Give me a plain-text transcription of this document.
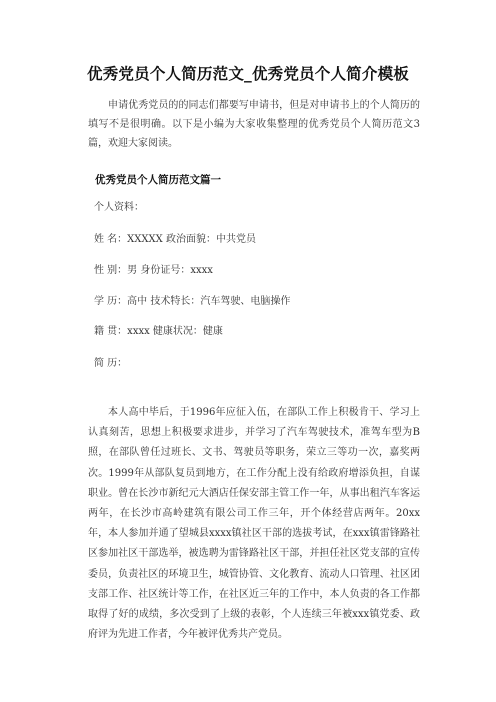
优秀党员个人简历范文_优秀党员个人简介模板

申请优秀党员的的同志们都要写申请书，但是对申请书上的个人简历的填写不是很明确。以下是小编为大家收集整理的优秀党员个人简历范文3篇，欢迎大家阅读。

优秀党员个人简历范文篇一
个人资料：
姓 名：XXXXX 政治面貌：中共党员
性 别：男 身份证号：xxxx
学 历：高中 技术特长：汽车驾驶、电脑操作
籍 贯：xxxx 健康状况：健康
简 历：

本人高中毕后，于1996年应征入伍，在部队工作上积极肯干、学习上认真刻苦，思想上积极要求进步，并学习了汽车驾驶技术，准驾车型为B照，在部队曾任过班长、文书、驾驶员等职务，荣立三等功一次，嘉奖两次。1999年从部队复员到地方，在工作分配上没有给政府增添负担，自谋职业。曾在长沙市新纪元大酒店任保安部主管工作一年，从事出租汽车客运两年，在长沙市高岭建筑有限公司工作三年，开个体经营店两年。20xx年，本人参加并通了望城县xxxx镇社区干部的选拔考试，在xxx镇雷锋路社区参加社区干部选举，被选聘为雷锋路社区干部，并担任社区党支部的宣传委员，负责社区的环境卫生，城管协管、文化教育、流动人口管理、社区团支部工作、社区统计等工作，在社区近三年的工作中，本人负责的各工作都取得了好的成绩，多次受到了上级的表彰，个人连续三年被xxx镇党委、政府评为先进工作者，今年被评优秀共产党员。
